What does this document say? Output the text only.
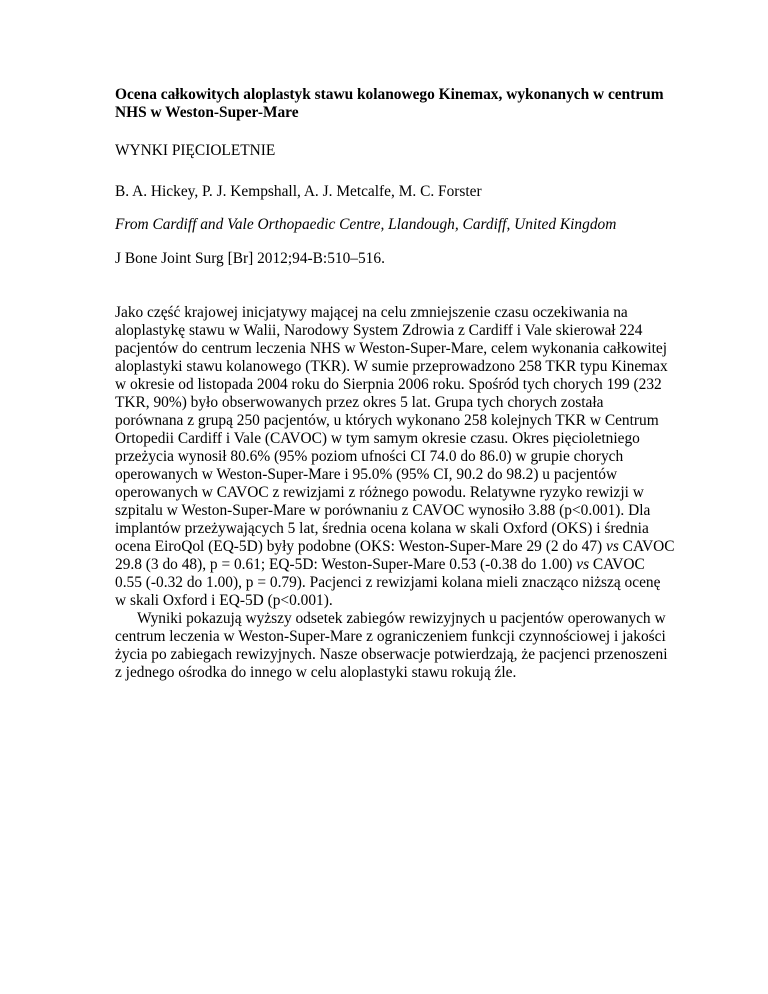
Ocena całkowitych aloplastyk stawu kolanowego Kinemax, wykonanych w centrum NHS w Weston-Super-Mare
WYNKI PIĘCIOLETNIE
B. A. Hickey, P. J. Kempshall, A. J. Metcalfe, M. C. Forster
From Cardiff and Vale Orthopaedic Centre, Llandough, Cardiff, United Kingdom
J Bone Joint Surg [Br] 2012;94-B:510–516.

Jako część krajowej inicjatywy mającej na celu zmniejszenie czasu oczekiwania na aloplastykę stawu w Walii, Narodowy System Zdrowia z Cardiff i Vale skierował 224 pacjentów do centrum leczenia NHS w Weston-Super-Mare, celem wykonania całkowitej aloplastyki stawu kolanowego (TKR). W sumie przeprowadzono 258 TKR typu Kinemax w okresie od listopada 2004 roku do Sierpnia 2006 roku. Spośród tych chorych 199 (232 TKR, 90%) było obserwowanych przez okres 5 lat. Grupa tych chorych została porównana z grupą 250 pacjentów, u których wykonano 258 kolejnych TKR w Centrum Ortopedii Cardiff i Vale (CAVOC) w tym samym okresie czasu. Okres pięcioletniego przeżycia wynosił 80.6% (95% poziom ufności CI 74.0 do 86.0) w grupie chorych operowanych w Weston-Super-Mare i 95.0% (95% CI, 90.2 do 98.2) u pacjentów operowanych w CAVOC z rewizjami z różnego powodu. Relatywne ryzyko rewizji w szpitalu w Weston-Super-Mare w porównaniu z CAVOC wynosiło 3.88 (p<0.001). Dla implantów przeżywających 5 lat, średnia ocena kolana w skali Oxford (OKS) i średnia ocena EiroQol (EQ-5D) były podobne (OKS: Weston-Super-Mare 29 (2 do 47) vs CAVOC 29.8 (3 do 48), p = 0.61; EQ-5D: Weston-Super-Mare 0.53 (-0.38 do 1.00) vs CAVOC 0.55 (-0.32 do 1.00), p = 0.79). Pacjenci z rewizjami kolana mieli znacząco niższą ocenę w skali Oxford i EQ-5D (p<0.001).

Wyniki pokazują wyższy odsetek zabiegów rewizyjnych u pacjentów operowanych w centrum leczenia w Weston-Super-Mare z ograniczeniem funkcji czynnościowej i jakości życia po zabiegach rewizyjnych. Nasze obserwacje potwierdzają, że pacjenci przenoszeni z jednego ośrodka do innego w celu aloplastyki stawu rokują źle.
